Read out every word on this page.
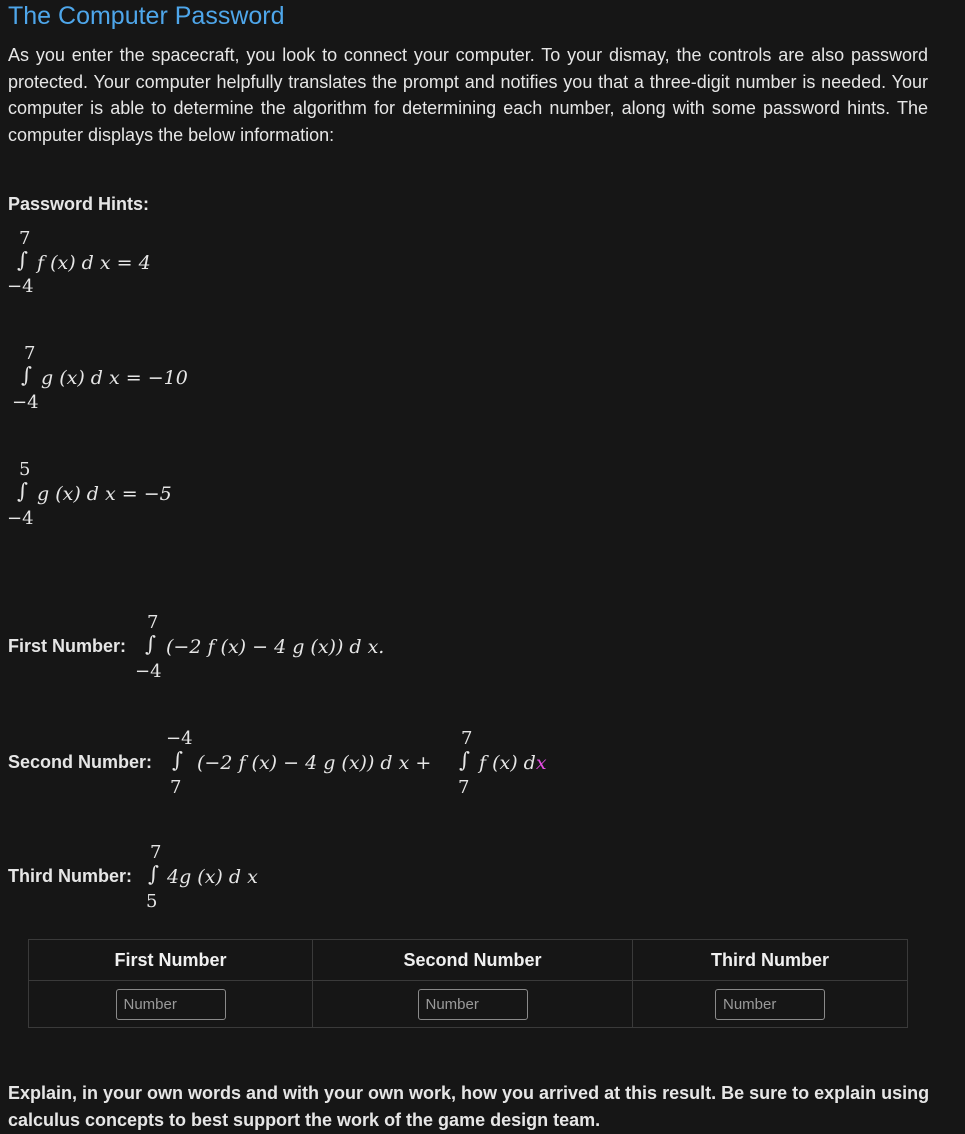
The Computer Password

As you enter the spacecraft, you look to connect your computer. To your dismay, the controls are also password protected. Your computer helpfully translates the prompt and notifies you that a three-digit number is needed. Your computer is able to determine the algorithm for determining each number, along with some password hints. The computer displays the below information:

Password Hints:

7
∫
−4
f (x) d x = 4
7
∫
−4
g (x) d x = −10
5
∫
−4
g (x) d x = −5
First Number:
7
∫
−4
(−2 f (x) − 4 g (x)) d x.
Second Number:
−4
∫
7
(−2 f (x) − 4 g (x)) d x +
7
∫
7
f (x) dx
Third Number:
7
∫
5
4g (x) d x
First Number	Second Number	Third Number
Number	Number	Number

Explain, in your own words and with your own work, how you arrived at this result. Be sure to explain using calculus concepts to best support the work of the game design team.
